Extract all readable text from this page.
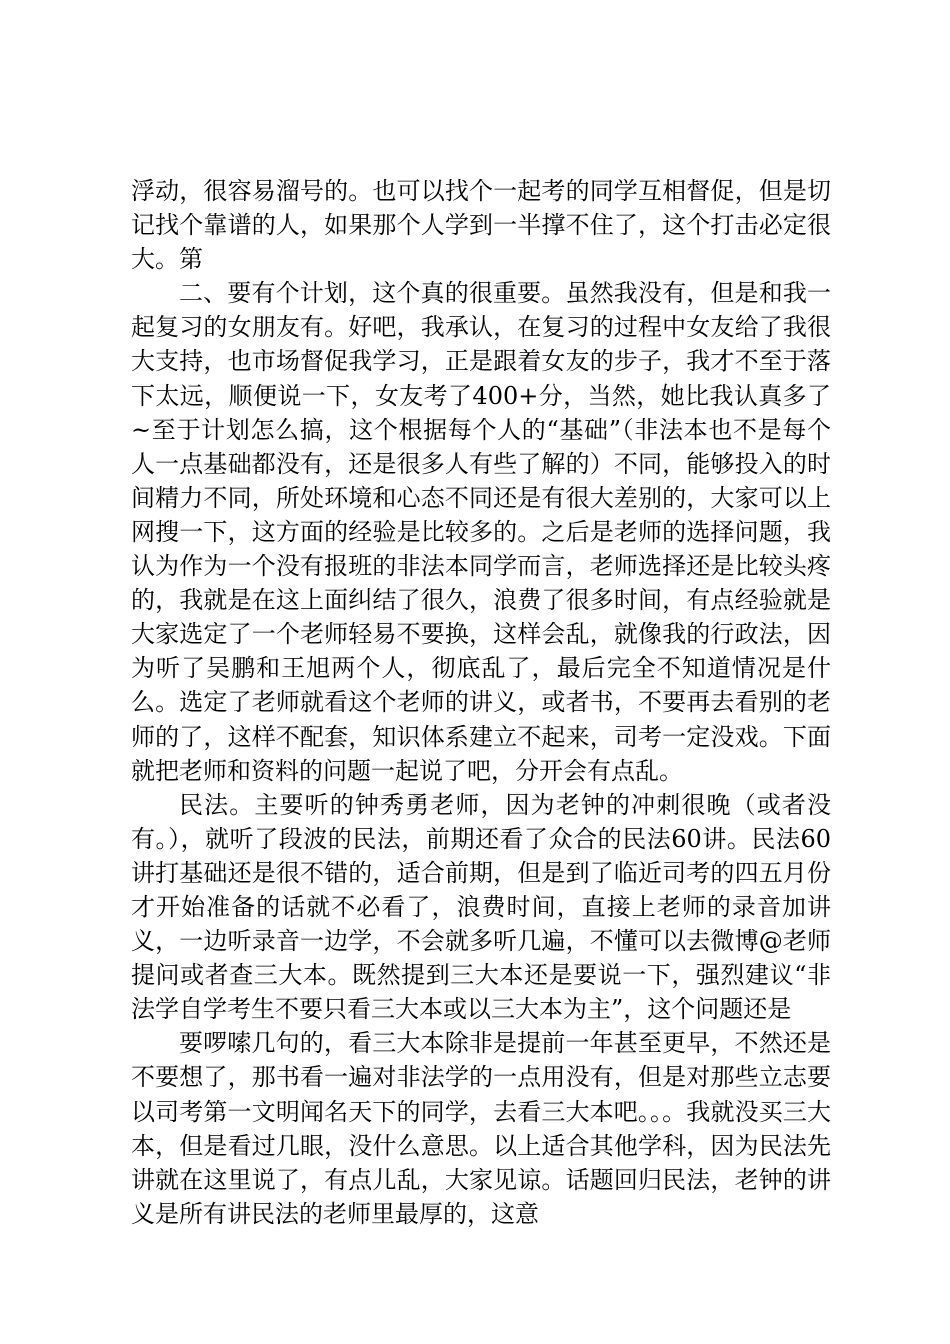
浮动，很容易溜号的。也可以找个一起考的同学互相督促，但是切记找个靠谱的人，如果那个人学到一半撑不住了，这个打击必定很大。第

二、要有个计划，这个真的很重要。虽然我没有，但是和我一起复习的女朋友有。好吧，我承认，在复习的过程中女友给了我很大支持，也市场督促我学习，正是跟着女友的步子，我才不至于落下太远，顺便说一下，女友考了400+分，当然，她比我认真多了~至于计划怎么搞，这个根据每个人的“基础”（非法本也不是每个人一点基础都没有，还是很多人有些了解的）不同，能够投入的时间精力不同，所处环境和心态不同还是有很大差别的，大家可以上网搜一下，这方面的经验是比较多的。之后是老师的选择问题，我认为作为一个没有报班的非法本同学而言，老师选择还是比较头疼的，我就是在这上面纠结了很久，浪费了很多时间，有点经验就是大家选定了一个老师轻易不要换，这样会乱，就像我的行政法，因为听了吴鹏和王旭两个人，彻底乱了，最后完全不知道情况是什么。选定了老师就看这个老师的讲义，或者书，不要再去看别的老师的了，这样不配套，知识体系建立不起来，司考一定没戏。下面就把老师和资料的问题一起说了吧，分开会有点乱。

民法。主要听的钟秀勇老师，因为老钟的冲刺很晚（或者没有。），就听了段波的民法，前期还看了众合的民法60讲。民法60讲打基础还是很不错的，适合前期，但是到了临近司考的四五月份才开始准备的话就不必看了，浪费时间，直接上老师的录音加讲义，一边听录音一边学，不会就多听几遍，不懂可以去微博@老师提问或者查三大本。既然提到三大本还是要说一下，强烈建议“非法学自学考生不要只看三大本或以三大本为主”，这个问题还是

要啰嗦几句的，看三大本除非是提前一年甚至更早，不然还是不要想了，那书看一遍对非法学的一点用没有，但是对那些立志要以司考第一文明闻名天下的同学，去看三大本吧。。。我就没买三大本，但是看过几眼，没什么意思。以上适合其他学科，因为民法先讲就在这里说了，有点儿乱，大家见谅。话题回归民法，老钟的讲义是所有讲民法的老师里最厚的，这意
